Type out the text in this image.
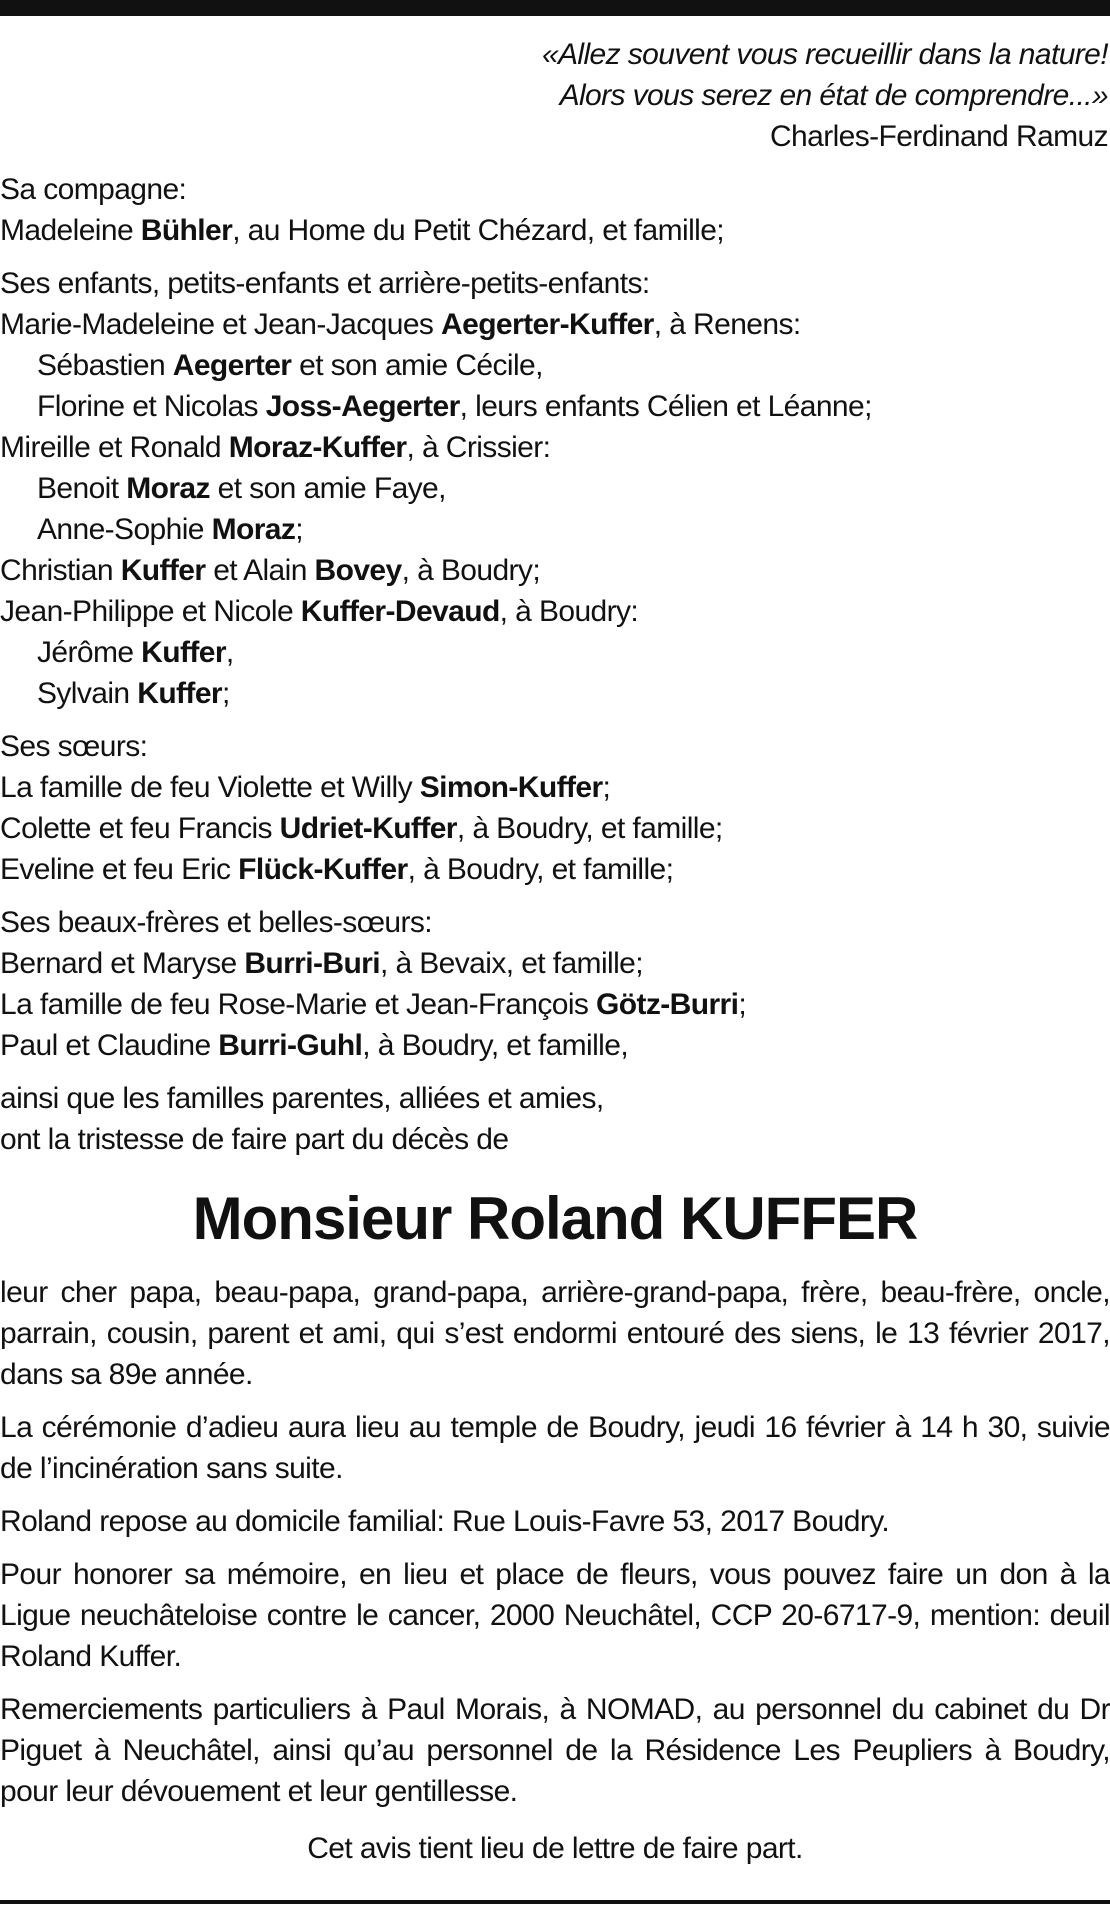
«Allez souvent vous recueillir dans la nature!
Alors vous serez en état de comprendre...»
Charles-Ferdinand Ramuz
Sa compagne:
Madeleine Bühler, au Home du Petit Chézard, et famille;
Ses enfants, petits-enfants et arrière-petits-enfants:
Marie-Madeleine et Jean-Jacques Aegerter-Kuffer, à Renens:
Sébastien Aegerter et son amie Cécile,
Florine et Nicolas Joss-Aegerter, leurs enfants Célien et Léanne;
Mireille et Ronald Moraz-Kuffer, à Crissier:
Benoit Moraz et son amie Faye,
Anne-Sophie Moraz;
Christian Kuffer et Alain Bovey, à Boudry;
Jean-Philippe et Nicole Kuffer-Devaud, à Boudry:
Jérôme Kuffer,
Sylvain Kuffer;
Ses sœurs:
La famille de feu Violette et Willy Simon-Kuffer;
Colette et feu Francis Udriet-Kuffer, à Boudry, et famille;
Eveline et feu Eric Flück-Kuffer, à Boudry, et famille;
Ses beaux-frères et belles-sœurs:
Bernard et Maryse Burri-Buri, à Bevaix, et famille;
La famille de feu Rose-Marie et Jean-François Götz-Burri;
Paul et Claudine Burri-Guhl, à Boudry, et famille,
ainsi que les familles parentes, alliées et amies,
ont la tristesse de faire part du décès de
Monsieur Roland KUFFER
leur cher papa, beau-papa, grand-papa, arrière-grand-papa, frère, beau-frère, oncle, parrain, cousin, parent et ami, qui s’est endormi entouré des siens, le 13 février 2017, dans sa 89e année.
La cérémonie d’adieu aura lieu au temple de Boudry, jeudi 16 février à 14 h 30, suivie de l’incinération sans suite.
Roland repose au domicile familial: Rue Louis-Favre 53, 2017 Boudry.
Pour honorer sa mémoire, en lieu et place de fleurs, vous pouvez faire un don à la Ligue neuchâteloise contre le cancer, 2000 Neuchâtel, CCP 20-6717-9, mention: deuil Roland Kuffer.
Remerciements particuliers à Paul Morais, à NOMAD, au personnel du cabinet du Dr Piguet à Neuchâtel, ainsi qu’au personnel de la Résidence Les Peupliers à Boudry, pour leur dévouement et leur gentillesse.
Cet avis tient lieu de lettre de faire part.
